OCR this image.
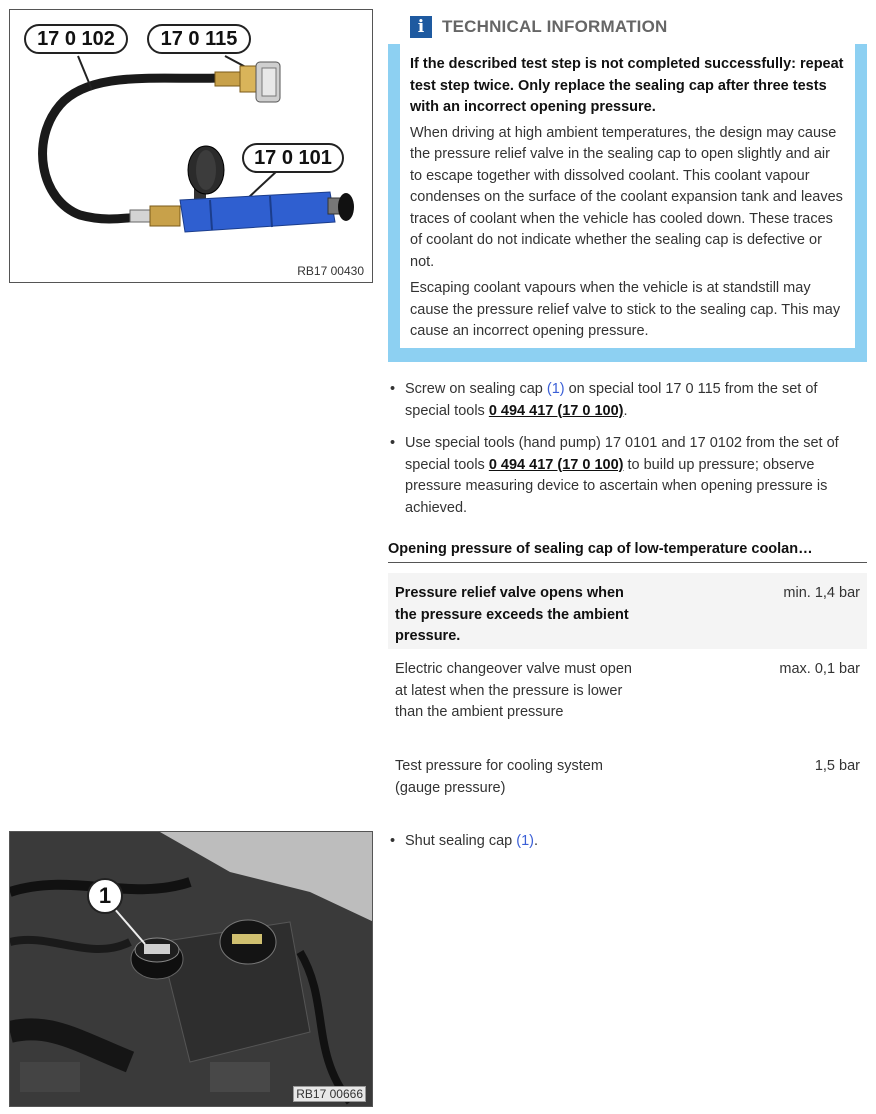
17 0 102	17 0 115
17 0 101
RB17 00430
i	TECHNICAL INFORMATION
If the described test step is not completed successfully: repeat test step twice. Only replace the sealing cap after three tests with an incorrect opening pressure.
When driving at high ambient temperatures, the design may cause the pressure relief valve in the sealing cap to open slightly and air to escape together with dissolved coolant. This coolant vapour condenses on the surface of the coolant expansion tank and leaves traces of coolant when the vehicle has cooled down. These traces of coolant do not indicate whether the sealing cap is defective or not.
Escaping coolant vapours when the vehicle is at standstill may cause the pressure relief valve to stick to the sealing cap. This may cause an incorrect opening pressure.
• Screw on sealing cap (1) on special tool 17 0 115 from the set of special tools 0 494 417 (17 0 100).
• Use special tools (hand pump) 17 0101 and 17 0102 from the set of special tools 0 494 417 (17 0 100) to build up pressure; observe pressure measuring device to ascertain when opening pressure is achieved.
Opening pressure of sealing cap of low-temperature coolan…
Pressure relief valve opens when the pressure exceeds the ambient pressure.
min. 1,4 bar
Electric changeover valve must open at latest when the pressure is lower than the ambient pressure
max. 0,1 bar
Test pressure for cooling system (gauge pressure)
1,5 bar
1
RB17 00666
• Shut sealing cap (1).
